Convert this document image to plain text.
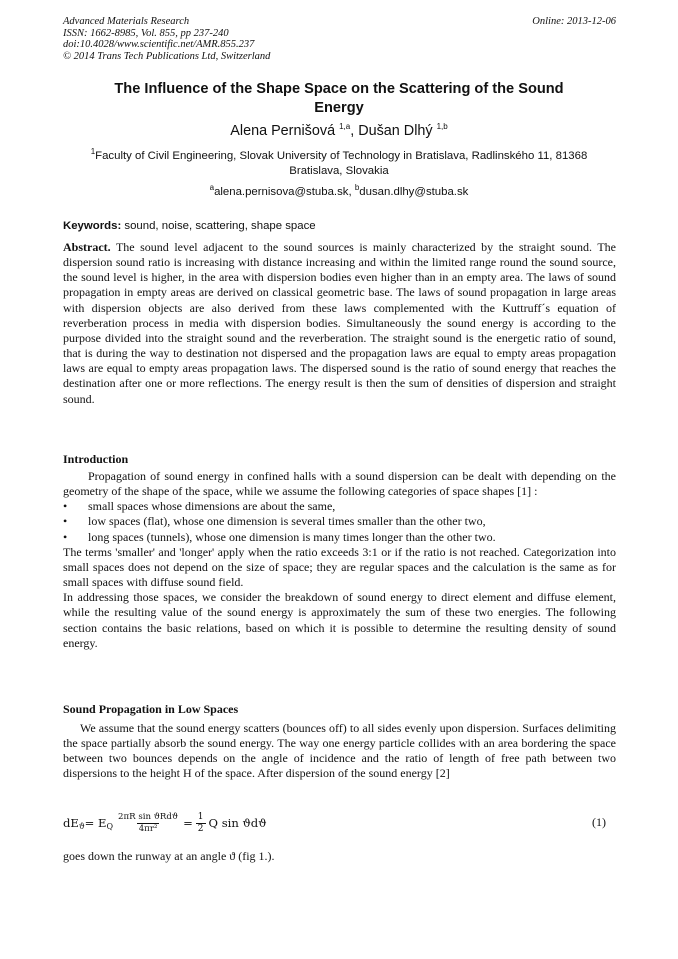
Advanced Materials Research
ISSN: 1662-8985, Vol. 855, pp 237-240
doi:10.4028/www.scientific.net/AMR.855.237
© 2014 Trans Tech Publications Ltd, Switzerland
Online: 2013-12-06
The Influence of the Shape Space on the Scattering of the Sound
Energy
Alena Pernišová $^{1,a}$, Dušan Dlhý $^{1,b}$
$^1$Faculty of Civil Engineering, Slovak University of Technology in Bratislava, Radlinského 11, 81368
Bratislava, Slovakia
$^a$alena.pernisova@stuba.sk, $^b$dusan.dlhy@stuba.sk
Keywords: sound, noise, scattering, shape space
Abstract. The sound level adjacent to the sound sources is mainly characterized by the straight sound. The dispersion sound ratio is increasing with distance increasing and within the limited range round the sound source, the sound level is higher, in the area with dispersion bodies even higher than in an empty area. The laws of sound propagation in empty areas are derived on classical geometric base. The laws of sound propagation in large areas with dispersion objects are also derived from these laws complemented with the Kuttruff´s equation of reverberation process in media with dispersion bodies. Simultaneously the sound energy is according to the purpose divided into the straight sound and the reverberation. The straight sound is the energetic ratio of sound, that is during the way to destination not dispersed and the propagation laws are equal to empty areas propagation laws are equal to empty areas propagation laws. The dispersed sound is the ratio of sound energy that reaches the destination after one or more reflections. The energy result is then the sum of densities of dispersion and straight sound.
Introduction

Propagation of sound energy in confined halls with a sound dispersion can be dealt with depending on the geometry of the shape of the space, while we assume the following categories of space shapes [1] :

• small spaces whose dimensions are about the same,
• low spaces (flat), whose one dimension is several times smaller than the other two,
• long spaces (tunnels), whose one dimension is many times longer than the other two.

The terms 'smaller' and 'longer' apply when the ratio exceeds 3:1 or if the ratio is not reached. Categorization into small spaces does not depend on the size of space; they are regular spaces and the calculation is the same as for small spaces with diffuse sound field.

In addressing those spaces, we consider the breakdown of sound energy to direct element and diffuse element, while the resulting value of the sound energy is approximately the sum of these two energies. The following section contains the basic relations, based on which it is possible to determine the resulting density of sound energy.

Sound Propagation in Low Spaces

We assume that the sound energy scatters (bounces off) to all sides evenly upon dispersion. Surfaces delimiting the space partially absorb the sound energy. The way one energy particle collides with an area bordering the space between two bounces depends on the angle of incidence and the ratio of length of free path between two dispersions to the height H of the space. After dispersion of the sound energy [2]

dE ϑ = E Q $\frac{\text{2πR sin ϑRdϑ}}{\text{4πr²}} = \frac{1}{2}$ Q sin ϑdϑ	(1)
goes down the runway at an angle ϑ (fig 1.).
